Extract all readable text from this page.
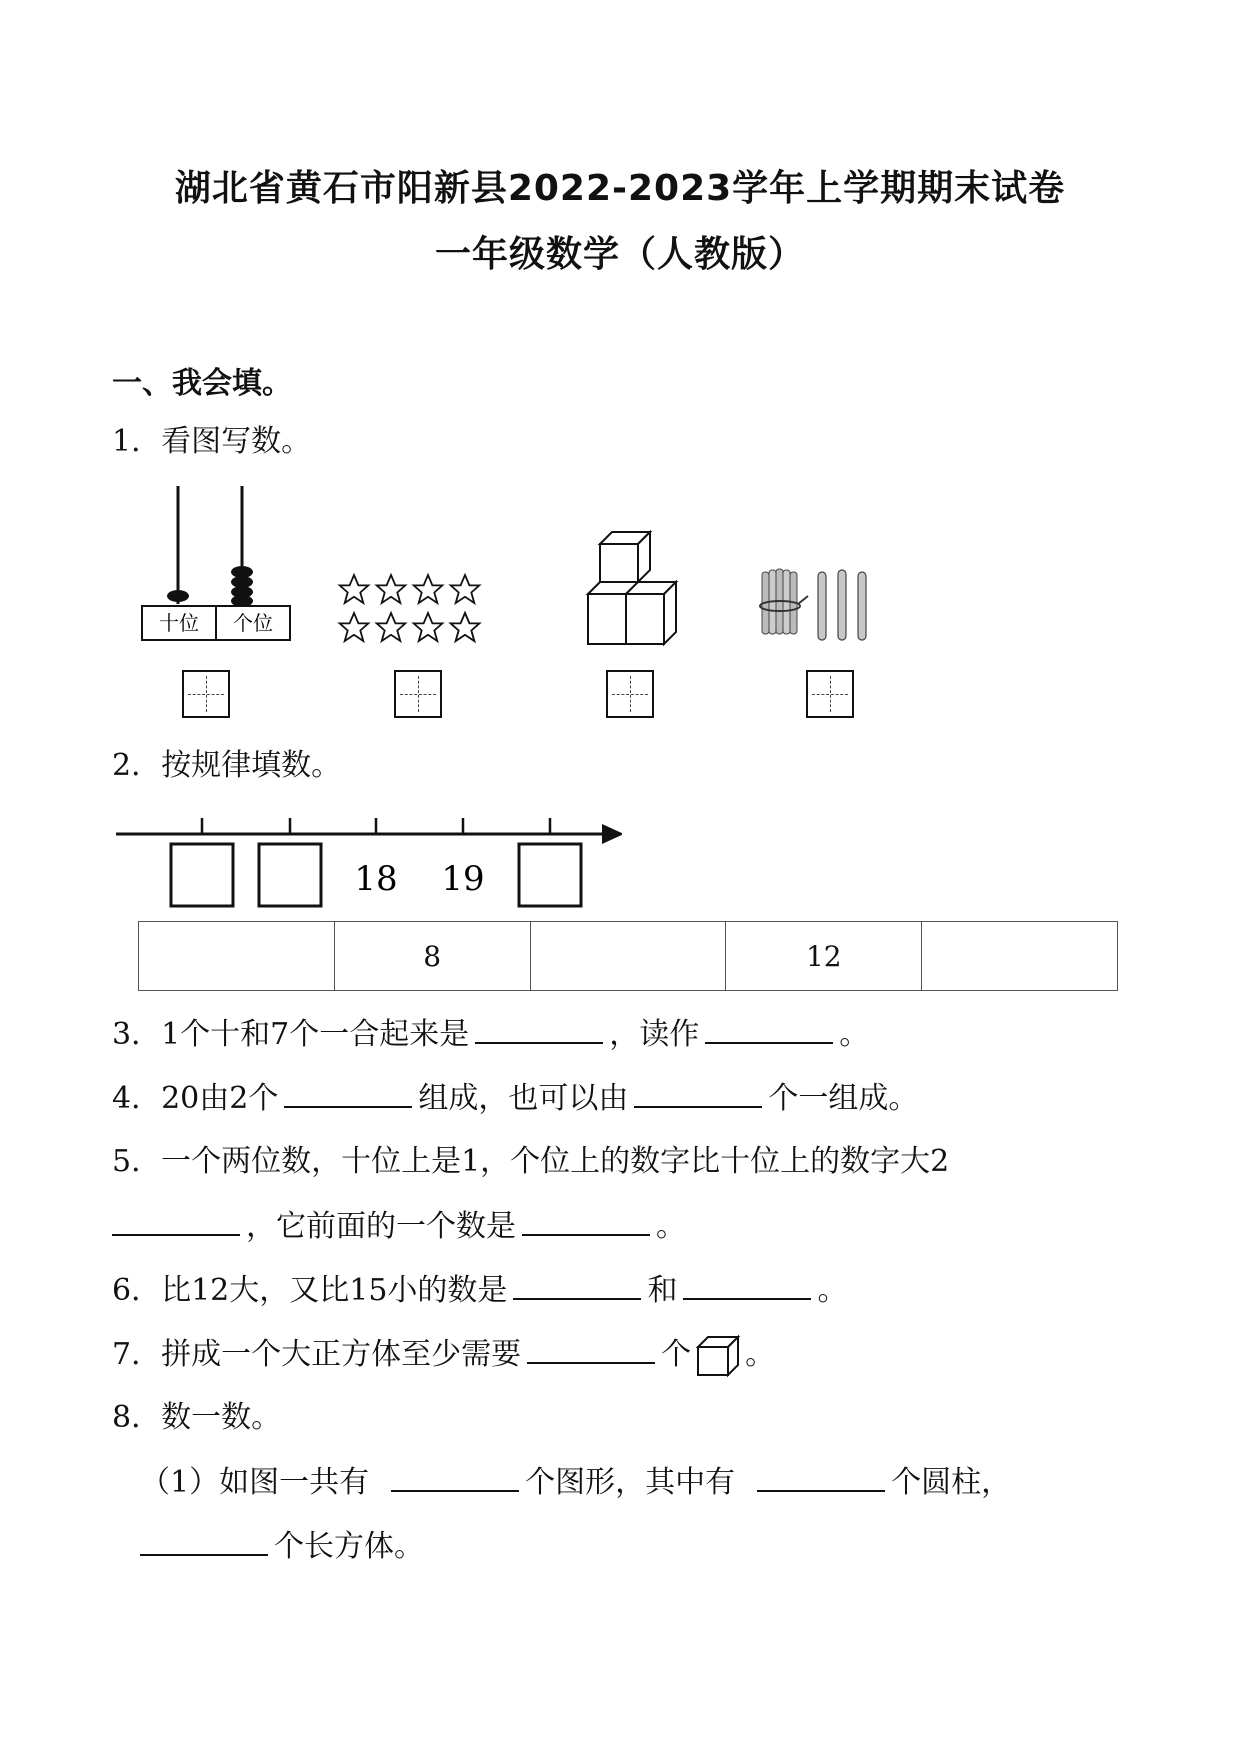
湖北省黄石市阳新县2022-2023学年上学期期末试卷
一年级数学（人教版）
一、我会填。
1．看图写数。
十位 个位
2．按规律填数。
18 19
	8		12	
3．1个十和7个一合起来是	，读作	。
4．20由2个	组成，也可以由	个一组成。
5．一个两位数，十位上是1，个位上的数字比十位上的数字大2
，它前面的一个数是	。
6．比12大，又比15小的数是	和	。
7．拼成一个大正方体至少需要	个 。
8．数一数。
（1）如图一共有	个图形，其中有	个圆柱，
个长方体。
